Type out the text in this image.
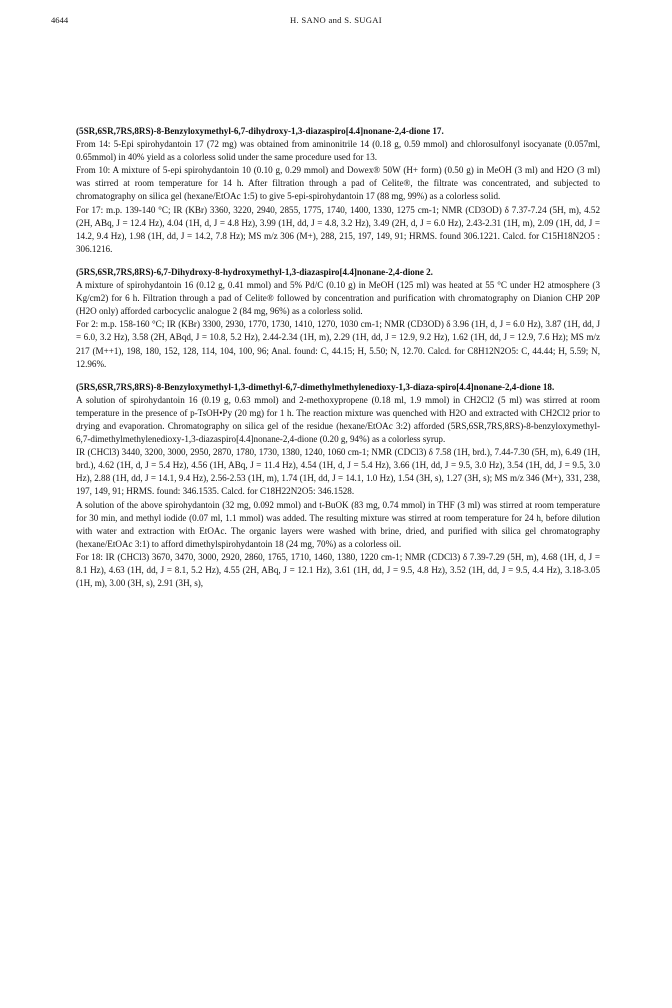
4644	H. SANO and S. SUGAI

(5SR,6SR,7RS,8RS)-8-Benzyloxymethyl-6,7-dihydroxy-1,3-diazaspiro[4.4]nonane-2,4-dione 17.

From 14: 5-Epi spirohydantoin 17 (72 mg) was obtained from aminonitrile 14 (0.18 g, 0.59 mmol) and chlorosulfonyl isocyanate (0.057ml, 0.65mmol) in 40% yield as a colorless solid under the same procedure used for 13.

From 10: A mixture of 5-epi spirohydantoin 10 (0.10 g, 0.29 mmol) and Dowex® 50W (H+ form) (0.50 g) in MeOH (3 ml) and H2O (3 ml) was stirred at room temperature for 14 h. After filtration through a pad of Celite®, the filtrate was concentrated, and subjected to chromatography on silica gel (hexane/EtOAc 1:5) to give 5-epi-spirohydantoin 17 (88 mg, 99%) as a colorless solid.

For 17: m.p. 139-140 °C; IR (KBr) 3360, 3220, 2940, 2855, 1775, 1740, 1400, 1330, 1275 cm-1; NMR (CD3OD) δ 7.37-7.24 (5H, m), 4.52 (2H, ABq, J = 12.4 Hz), 4.04 (1H, d, J = 4.8 Hz), 3.99 (1H, dd, J = 4.8, 3.2 Hz), 3.49 (2H, d, J = 6.0 Hz), 2.43-2.31 (1H, m), 2.09 (1H, dd, J = 14.2, 9.4 Hz), 1.98 (1H, dd, J = 14.2, 7.8 Hz); MS m/z 306 (M+), 288, 215, 197, 149, 91; HRMS. found 306.1221. Calcd. for C15H18N2O5 : 306.1216.

(5RS,6SR,7RS,8RS)-6,7-Dihydroxy-8-hydroxymethyl-1,3-diazaspiro[4.4]nonane-2,4-dione 2.

A mixture of spirohydantoin 16 (0.12 g, 0.41 mmol) and 5% Pd/C (0.10 g) in MeOH (125 ml) was heated at 55 °C under H2 atmosphere (3 Kg/cm2) for 6 h. Filtration through a pad of Celite® followed by concentration and purification with chromatography on Dianion CHP 20P (H2O only) afforded carbocyclic analogue 2 (84 mg, 96%) as a colorless solid.

For 2: m.p. 158-160 °C; IR (KBr) 3300, 2930, 1770, 1730, 1410, 1270, 1030 cm-1; NMR (CD3OD) δ 3.96 (1H, d, J = 6.0 Hz), 3.87 (1H, dd, J = 6.0, 3.2 Hz), 3.58 (2H, ABqd, J = 10.8, 5.2 Hz), 2.44-2.34 (1H, m), 2.29 (1H, dd, J = 12.9, 9.2 Hz), 1.62 (1H, dd, J = 12.9, 7.6 Hz); MS m/z 217 (M++1), 198, 180, 152, 128, 114, 104, 100, 96; Anal. found: C, 44.15; H, 5.50; N, 12.70. Calcd. for C8H12N2O5: C, 44.44; H, 5.59; N, 12.96%.

(5RS,6SR,7RS,8RS)-8-Benzyloxymethyl-1,3-dimethyl-6,7-dimethylmethylenedioxy-1,3-diaza-spiro[4.4]nonane-2,4-dione 18.

A solution of spirohydantoin 16 (0.19 g, 0.63 mmol) and 2-methoxypropene (0.18 ml, 1.9 mmol) in CH2Cl2 (5 ml) was stirred at room temperature in the presence of p-TsOH•Py (20 mg) for 1 h. The reaction mixture was quenched with H2O and extracted with CH2Cl2 prior to drying and evaporation. Chromatography on silica gel of the residue (hexane/EtOAc 3:2) afforded (5RS,6SR,7RS,8RS)-8-benzyloxymethyl-6,7-dimethylmethylenedioxy-1,3-diazaspiro[4.4]nonane-2,4-dione (0.20 g, 94%) as a colorless syrup.

IR (CHCl3) 3440, 3200, 3000, 2950, 2870, 1780, 1730, 1380, 1240, 1060 cm-1; NMR (CDCl3) δ 7.58 (1H, brd.), 7.44-7.30 (5H, m), 6.49 (1H, brd.), 4.62 (1H, d, J = 5.4 Hz), 4.56 (1H, ABq, J = 11.4 Hz), 4.54 (1H, d, J = 5.4 Hz), 3.66 (1H, dd, J = 9.5, 3.0 Hz), 3.54 (1H, dd, J = 9.5, 3.0 Hz), 2.88 (1H, dd, J = 14.1, 9.4 Hz), 2.56-2.53 (1H, m), 1.74 (1H, dd, J = 14.1, 1.0 Hz), 1.54 (3H, s), 1.27 (3H, s); MS m/z 346 (M+), 331, 238, 197, 149, 91; HRMS. found: 346.1535. Calcd. for C18H22N2O5: 346.1528.

A solution of the above spirohydantoin (32 mg, 0.092 mmol) and t-BuOK (83 mg, 0.74 mmol) in THF (3 ml) was stirred at room temperature for 30 min, and methyl iodide (0.07 ml, 1.1 mmol) was added. The resulting mixture was stirred at room temperature for 24 h, before dilution with water and extraction with EtOAc. The organic layers were washed with brine, dried, and purified with silica gel chromatography (hexane/EtOAc 3:1) to afford dimethylspirohydantoin 18 (24 mg, 70%) as a colorless oil.

For 18: IR (CHCl3) 3670, 3470, 3000, 2920, 2860, 1765, 1710, 1460, 1380, 1220 cm-1; NMR (CDCl3) δ 7.39-7.29 (5H, m), 4.68 (1H, d, J = 8.1 Hz), 4.63 (1H, dd, J = 8.1, 5.2 Hz), 4.55 (2H, ABq, J = 12.1 Hz), 3.61 (1H, dd, J = 9.5, 4.8 Hz), 3.52 (1H, dd, J = 9.5, 4.4 Hz), 3.18-3.05 (1H, m), 3.00 (3H, s), 2.91 (3H, s),
